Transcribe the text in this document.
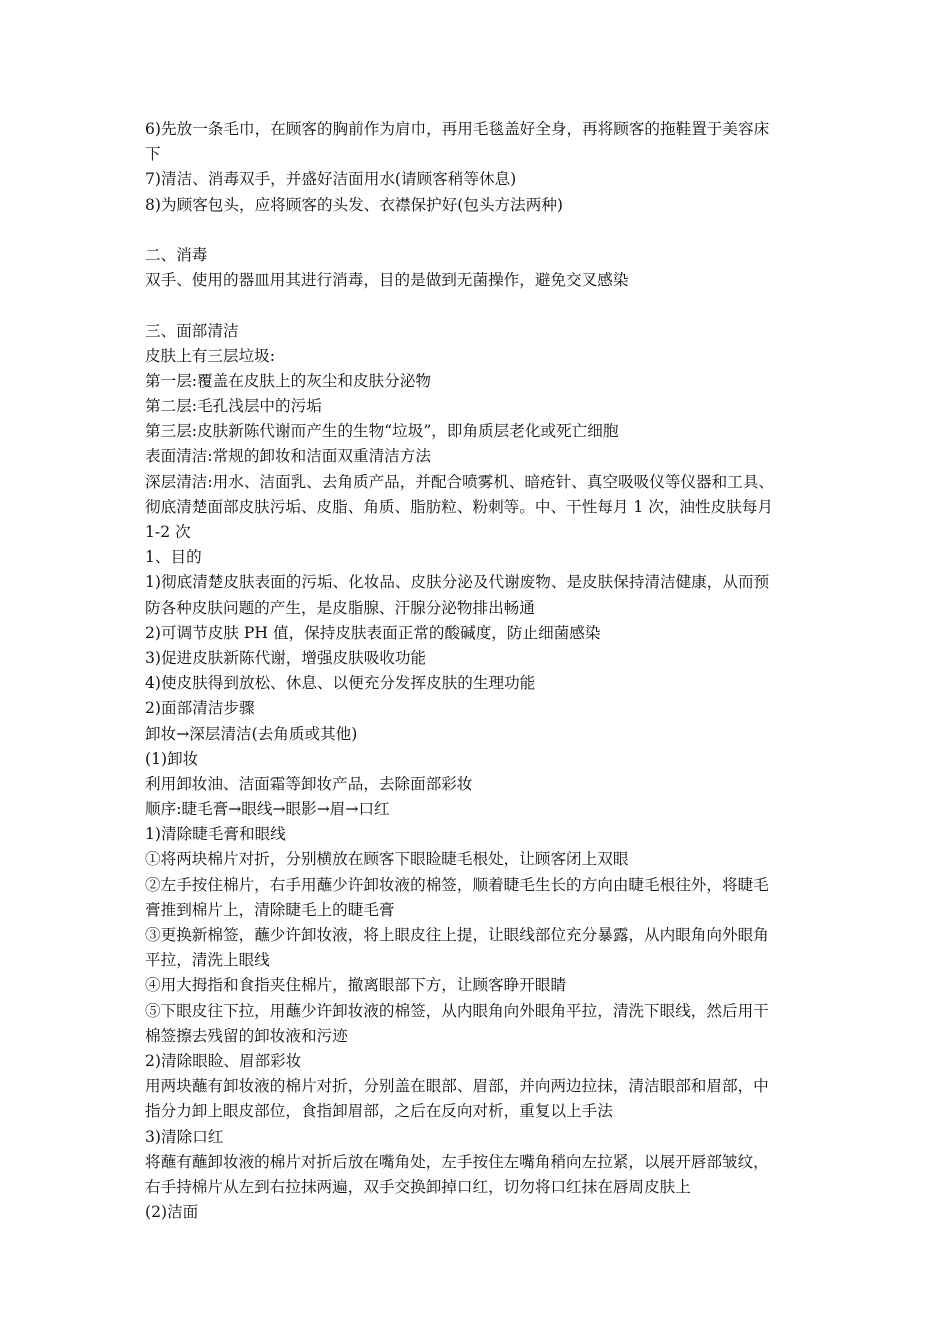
6)先放一条毛巾，在顾客的胸前作为肩巾，再用毛毯盖好全身，再将顾客的拖鞋置于美容床
下
7)清洁、消毒双手，并盛好洁面用水(请顾客稍等休息)
8)为顾客包头，应将顾客的头发、衣襟保护好(包头方法两种)
二、消毒
双手、使用的器皿用其进行消毒，目的是做到无菌操作，避免交叉感染
三、面部清洁
皮肤上有三层垃圾:
第一层:覆盖在皮肤上的灰尘和皮肤分泌物
第二层:毛孔浅层中的污垢
第三层:皮肤新陈代谢而产生的生物“垃圾”，即角质层老化或死亡细胞
表面清洁:常规的卸妆和洁面双重清洁方法
深层清洁:用水、洁面乳、去角质产品，并配合喷雾机、暗疮针、真空吸吸仪等仪器和工具、
彻底清楚面部皮肤污垢、皮脂、角质、脂肪粒、粉刺等。中、干性每月 1 次，油性皮肤每月
1-2 次
1、目的
1)彻底清楚皮肤表面的污垢、化妆品、皮肤分泌及代谢废物、是皮肤保持清洁健康，从而预
防各种皮肤问题的产生，是皮脂腺、汗腺分泌物排出畅通
2)可调节皮肤 PH 值，保持皮肤表面正常的酸碱度，防止细菌感染
3)促进皮肤新陈代谢，增强皮肤吸收功能
4)使皮肤得到放松、休息、以便充分发挥皮肤的生理功能
2)面部清洁步骤
卸妆→深层清洁(去角质或其他)
(1)卸妆
利用卸妆油、洁面霜等卸妆产品，去除面部彩妆
顺序:睫毛膏→眼线→眼影→眉→口红
1)清除睫毛膏和眼线
①将两块棉片对折，分别横放在顾客下眼睑睫毛根处，让顾客闭上双眼
②左手按住棉片，右手用蘸少许卸妆液的棉签，顺着睫毛生长的方向由睫毛根往外，将睫毛
膏推到棉片上，清除睫毛上的睫毛膏
③更换新棉签，蘸少许卸妆液，将上眼皮往上提，让眼线部位充分暴露，从内眼角向外眼角
平拉，清洗上眼线
④用大拇指和食指夹住棉片，撤离眼部下方，让顾客睁开眼睛
⑤下眼皮往下拉，用蘸少许卸妆液的棉签，从内眼角向外眼角平拉，清洗下眼线，然后用干
棉签擦去残留的卸妆液和污迹
2)清除眼睑、眉部彩妆
用两块蘸有卸妆液的棉片对折，分别盖在眼部、眉部，并向两边拉抹，清洁眼部和眉部，中
指分力卸上眼皮部位，食指卸眉部，之后在反向对析，重复以上手法
3)清除口红
将蘸有蘸卸妆液的棉片对折后放在嘴角处，左手按住左嘴角稍向左拉紧，以展开唇部皱纹，
右手持棉片从左到右拉抹两遍，双手交换卸掉口红，切勿将口红抹在唇周皮肤上
(2)洁面
